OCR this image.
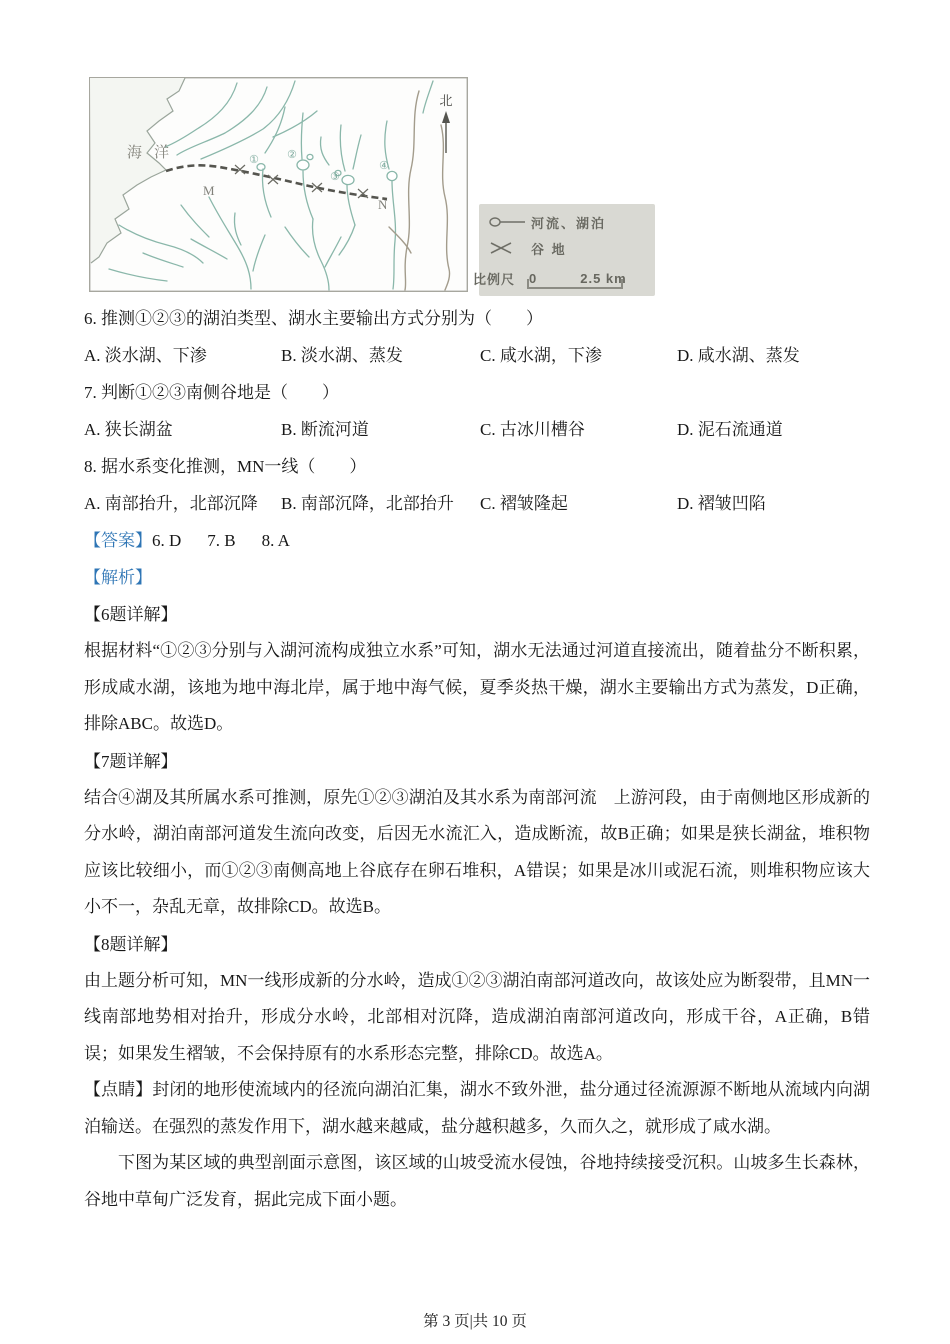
海 洋
M
N
①	②
③
④
北
河流、湖泊
谷 地
比例尺 0	2.5 km
6. 推测①②③的湖泊类型、湖水主要输出方式分别为（　　）
A. 淡水湖、下渗	B. 淡水湖、蒸发	C. 咸水湖，下渗	D. 咸水湖、蒸发
7. 判断①②③南侧谷地是（　　）
A. 狭长湖盆	B. 断流河道	C. 古冰川槽谷	D. 泥石流通道
8. 据水系变化推测，MN一线（　　）
A. 南部抬升，北部沉降	B. 南部沉降，北部抬升	C. 褶皱隆起	D. 褶皱凹陷
【答案】6. D 7. B 8. A
【解析】
【6题详解】

根据材料“①②③分别与入湖河流构成独立水系”可知，湖水无法通过河道直接流出，随着盐分不断积累，形成咸水湖，该地为地中海北岸，属于地中海气候，夏季炎热干燥，湖水主要输出方式为蒸发，D正确，排除ABC。故选D。

【7题详解】

结合④湖及其所属水系可推测，原先①②③湖泊及其水系为南部河流　上游河段，由于南侧地区形成新的分水岭，湖泊南部河道发生流向改变，后因无水流汇入，造成断流，故B正确；如果是狭长湖盆，堆积物应该比较细小，而①②③南侧高地上谷底存在卵石堆积，A错误；如果是冰川或泥石流，则堆积物应该大小不一，杂乱无章，故排除CD。故选B。

【8题详解】

由上题分析可知，MN一线形成新的分水岭，造成①②③湖泊南部河道改向，故该处应为断裂带，且MN一线南部地势相对抬升，形成分水岭，北部相对沉降，造成湖泊南部河道改向，形成干谷，A正确，B错误；如果发生褶皱，不会保持原有的水系形态完整，排除CD。故选A。

【点睛】封闭的地形使流域内的径流向湖泊汇集，湖水不致外泄，盐分通过径流源源不断地从流域内向湖泊输送。在强烈的蒸发作用下，湖水越来越咸，盐分越积越多，久而久之，就形成了咸水湖。

下图为某区域的典型剖面示意图，该区域的山坡受流水侵蚀，谷地持续接受沉积。山坡多生长森林，谷地中草甸广泛发育，据此完成下面小题。

第 3 页|共 10 页
